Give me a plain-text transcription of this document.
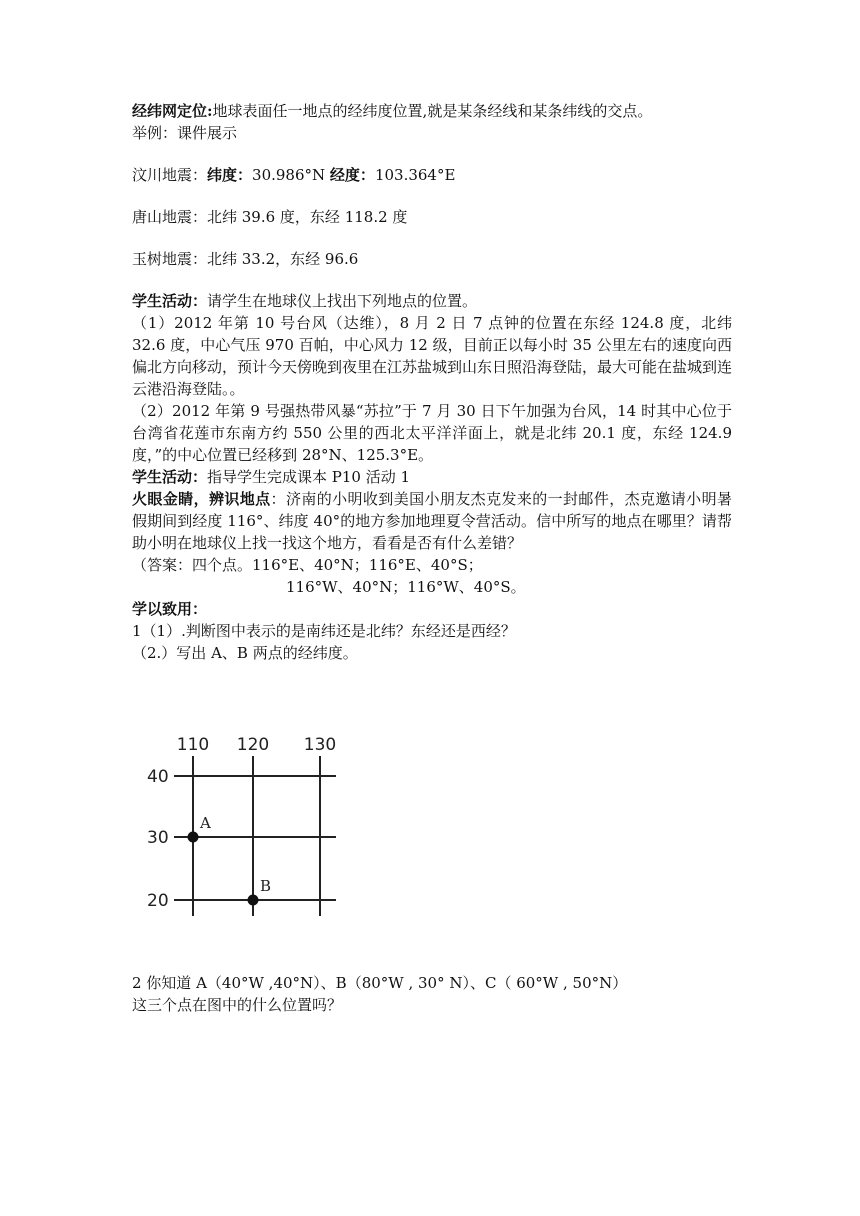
经纬网定位:地球表面任一地点的经纬度位置,就是某条经线和某条纬线的交点。
举例：课件展示
汶川地震：纬度：30.986°N 经度：103.364°E
唐山地震：北纬 39.6 度，东经 118.2 度
玉树地震：北纬 33.2，东经 96.6
学生活动：请学生在地球仪上找出下列地点的位置。
（1）2012 年第 10 号台风（达维），8 月 2 日 7 点钟的位置在东经 124.8 度，北纬 32.6 度，中心气压 970 百帕，中心风力 12 级，目前正以每小时 35 公里左右的速度向西偏北方向移动，预计今天傍晚到夜里在江苏盐城到山东日照沿海登陆，最大可能在盐城到连云港沿海登陆。。
（2）2012 年第 9 号强热带风暴“苏拉”于 7 月 30 日下午加强为台风，14 时其中心位于台湾省花莲市东南方约 550 公里的西北太平洋洋面上，就是北纬 20.1 度，东经 124.9 度，”的中心位置已经移到 28°N、125.3°E。
学生活动：指导学生完成课本 P10 活动 1
火眼金睛，辨识地点：济南的小明收到美国小朋友杰克发来的一封邮件，杰克邀请小明暑假期间到经度 116°、纬度 40°的地方参加地理夏令营活动。信中所写的地点在哪里？请帮助小明在地球仪上找一找这个地方，看看是否有什么差错？
（答案：四个点。116°E、40°N；116°E、40°S；
116°W、40°N；116°W、40°S。
学以致用：
1（1）.判断图中表示的是南纬还是北纬？东经还是西经？
（2.）写出 A、B 两点的经纬度。
110 120 130
40
30
20
A
B
2 你知道 A（40°W ,40°N）、B（80°W , 30° N）、C（ 60°W , 50°N）
这三个点在图中的什么位置吗？
